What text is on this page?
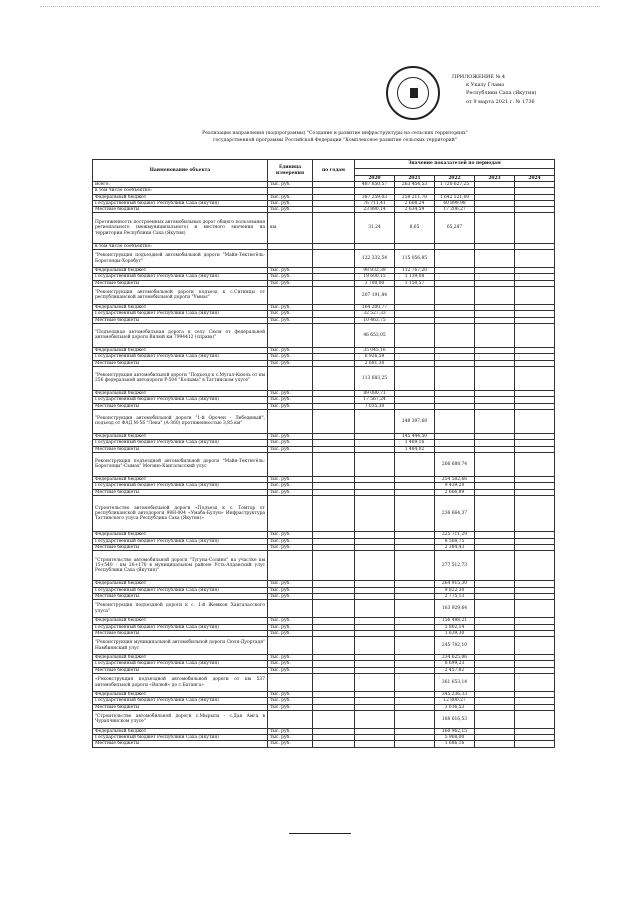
ПРИЛОЖЕНИЕ № 4
к Указу Главы
Республики Саха (Якутия)
от 9 марта 2021 г. № 1736
Реализация направления (подпрограммы) "Создание и развитие инфраструктуры на сельских территориях"
государственной программы Российской Федерации "Комплексное развитие сельских территорий"
Наименование объекта	Единица измерения	по годам	Значение показателей по периодам				

			2020	2021	2022	2023	2024
Всего:	тыс. руб.		487 850,57	263 454,53	1 720 627,25		
в том числе сообъектно:							
Федеральный бюджет	тыс. руб.		387 259,03	258 211,70	1 642 521,00		
Государственный бюджет Республики Саха (Якутия)	тыс. руб.		76 711,41	2 608,24	60 899,98		
Местные бюджеты	тыс. руб.		23 880,14	2 634,59	17 206,27		
Протяженность построенных автомобильных дорог общего пользования регионального (межмуниципального) и местного значения на территории Республики Саха (Якутия)	км		31,24	8,65	65,287		
в том числе сообъектно:							
"Реконструкция подъездной автомобильной дороги "Майя-Тектюгёль-Борогонцы-Хоробут"			122 332,54	115 056,85			
Федеральный бюджет	тыс. руб.		98 932,39	112 767,20			
Государственный бюджет Республики Саха (Якутия)	тыс. руб.		19 600,15	1 139,08			
Местные бюджеты	тыс. руб.		3 700,00	1 150,57			
"Реконструкция автомобильной дороги подъезд к с.Ситинцы от республиканской автомобильной дороги "Умнас"			207 191,84				
Федеральный бюджет	тыс. руб.		164 200,77				
Государственный бюджет Республики Саха (Якутия)	тыс. руб.		32 527,33				
Местные бюджеты	тыс. руб.		10 463,75				
"Подъездная автомобильная дорога к селу Сюля от федеральной автомобильной дороги Вилюй км 7994412 (справа)"			46 653,05				
Федеральный бюджет	тыс. руб.		35 045,16				
Государственный бюджет Республики Саха (Якутия)	тыс. руб.		6 926,59				
Местные бюджеты	тыс. руб.		2 681,30				
"Реконструкция автомобильной дороги "Подъезд к с.Мугал-Кюель от км 256 федеральной автодороги Р-504 "Колыма" в Таттинском улусе"			113 683,25				
Федеральный бюджет	тыс. руб.		89 080,71				
Государственный бюджет Республики Саха (Якутия)	тыс. руб.		17 567,24				
Местные бюджеты	тыс. руб.		7 035,30				
"Реконструкция автомобильной дороги "1-й Орочен - Лебединый", подъезд от ФАД М-56 "Лена" (А-360) протяженностью 3,85 км"				148 397,68			
Федеральный бюджет	тыс. руб.			145 444,50			
Государственный бюджет Республики Саха (Якутия)	тыс. руб.			1 469,16			
Местные бюджеты	тыс. руб.			1 484,02			
Реконструкция подъездной автомобильной дороги "Майя-Тектюгёль-Борогонцы"-Сымах" Мегино-Кангаласский улус					266 688,74		
Федеральный бюджет	тыс. руб.				254 582,66		
Государственный бюджет Республики Саха (Якутия)	тыс. руб.				9 439,20		
Местные бюджеты	тыс. руб.				2 666,89		
Строительство автомобильной дороги «Подъезд к с. Томтор от республиканской автодороги 98Н-004 «Умаба-Булун» Инфраструктура Таттинского улуса Республика Саха (Якутия)»					236 664,37		
Федеральный бюджет	тыс. руб.				225 711,29		
Государственный бюджет Республики Саха (Якутия)	тыс. руб.				8 568,75		
Местные бюджеты	тыс. руб.				2 384,43		
"Строительство автомобильной дороги "Тугуна-Солино" на участке км 15+540 - км 26+170 в муниципальном районе Усть-Алданский улус Республики Саха (Якутия)"					277 512,73		
Федеральный бюджет	тыс. руб.				264 915,30		
Государственный бюджет Республики Саха (Якутия)	тыс. руб.				9 822,30		
Местные бюджеты	тыс. руб.				2 775,13		
"Реконструкция подъездной дороги к с. 1-й Жемкон Хангаласского улуса"					163 929,64		
Федеральный бюджет	тыс. руб.				156 488,21		
Государственный бюджет Республики Саха (Якутия)	тыс. руб.				5 802,14		
Местные бюджеты	тыс. руб.				1 639,30		
"Реконструкция муниципальной автомобильной дороги Сюля-Дуортадя" Намбиянский улус					245 782,10		
Федеральный бюджет	тыс. руб.				234 625,06		
Государственный бюджет Республики Саха (Якутия)	тыс. руб.				8 699,23		
Местные бюджеты	тыс. руб.				2 457,82		
«Реконструкция подъездной автомобильной дороги от км 537 автомобильной дороги «Вилюй» до с.Батанга»					361 653,14		
Федеральный бюджет	тыс. руб.				345 236,33		
Государственный бюджет Республики Саха (Якутия)	тыс. руб.				12 800,27		
Местные бюджеты	тыс. руб.				3 616,53		
"Строительство автомобильной дороги с.Мырыла - с.Дая Амга в Чурапчинском улусе"					168 616,53		
Федеральный бюджет	тыс. руб.				160 962,15		
Государственный бюджет Республики Саха (Якутия)	тыс. руб.				5 968,00		
Местные бюджеты	тыс. руб.				1 686,16		
